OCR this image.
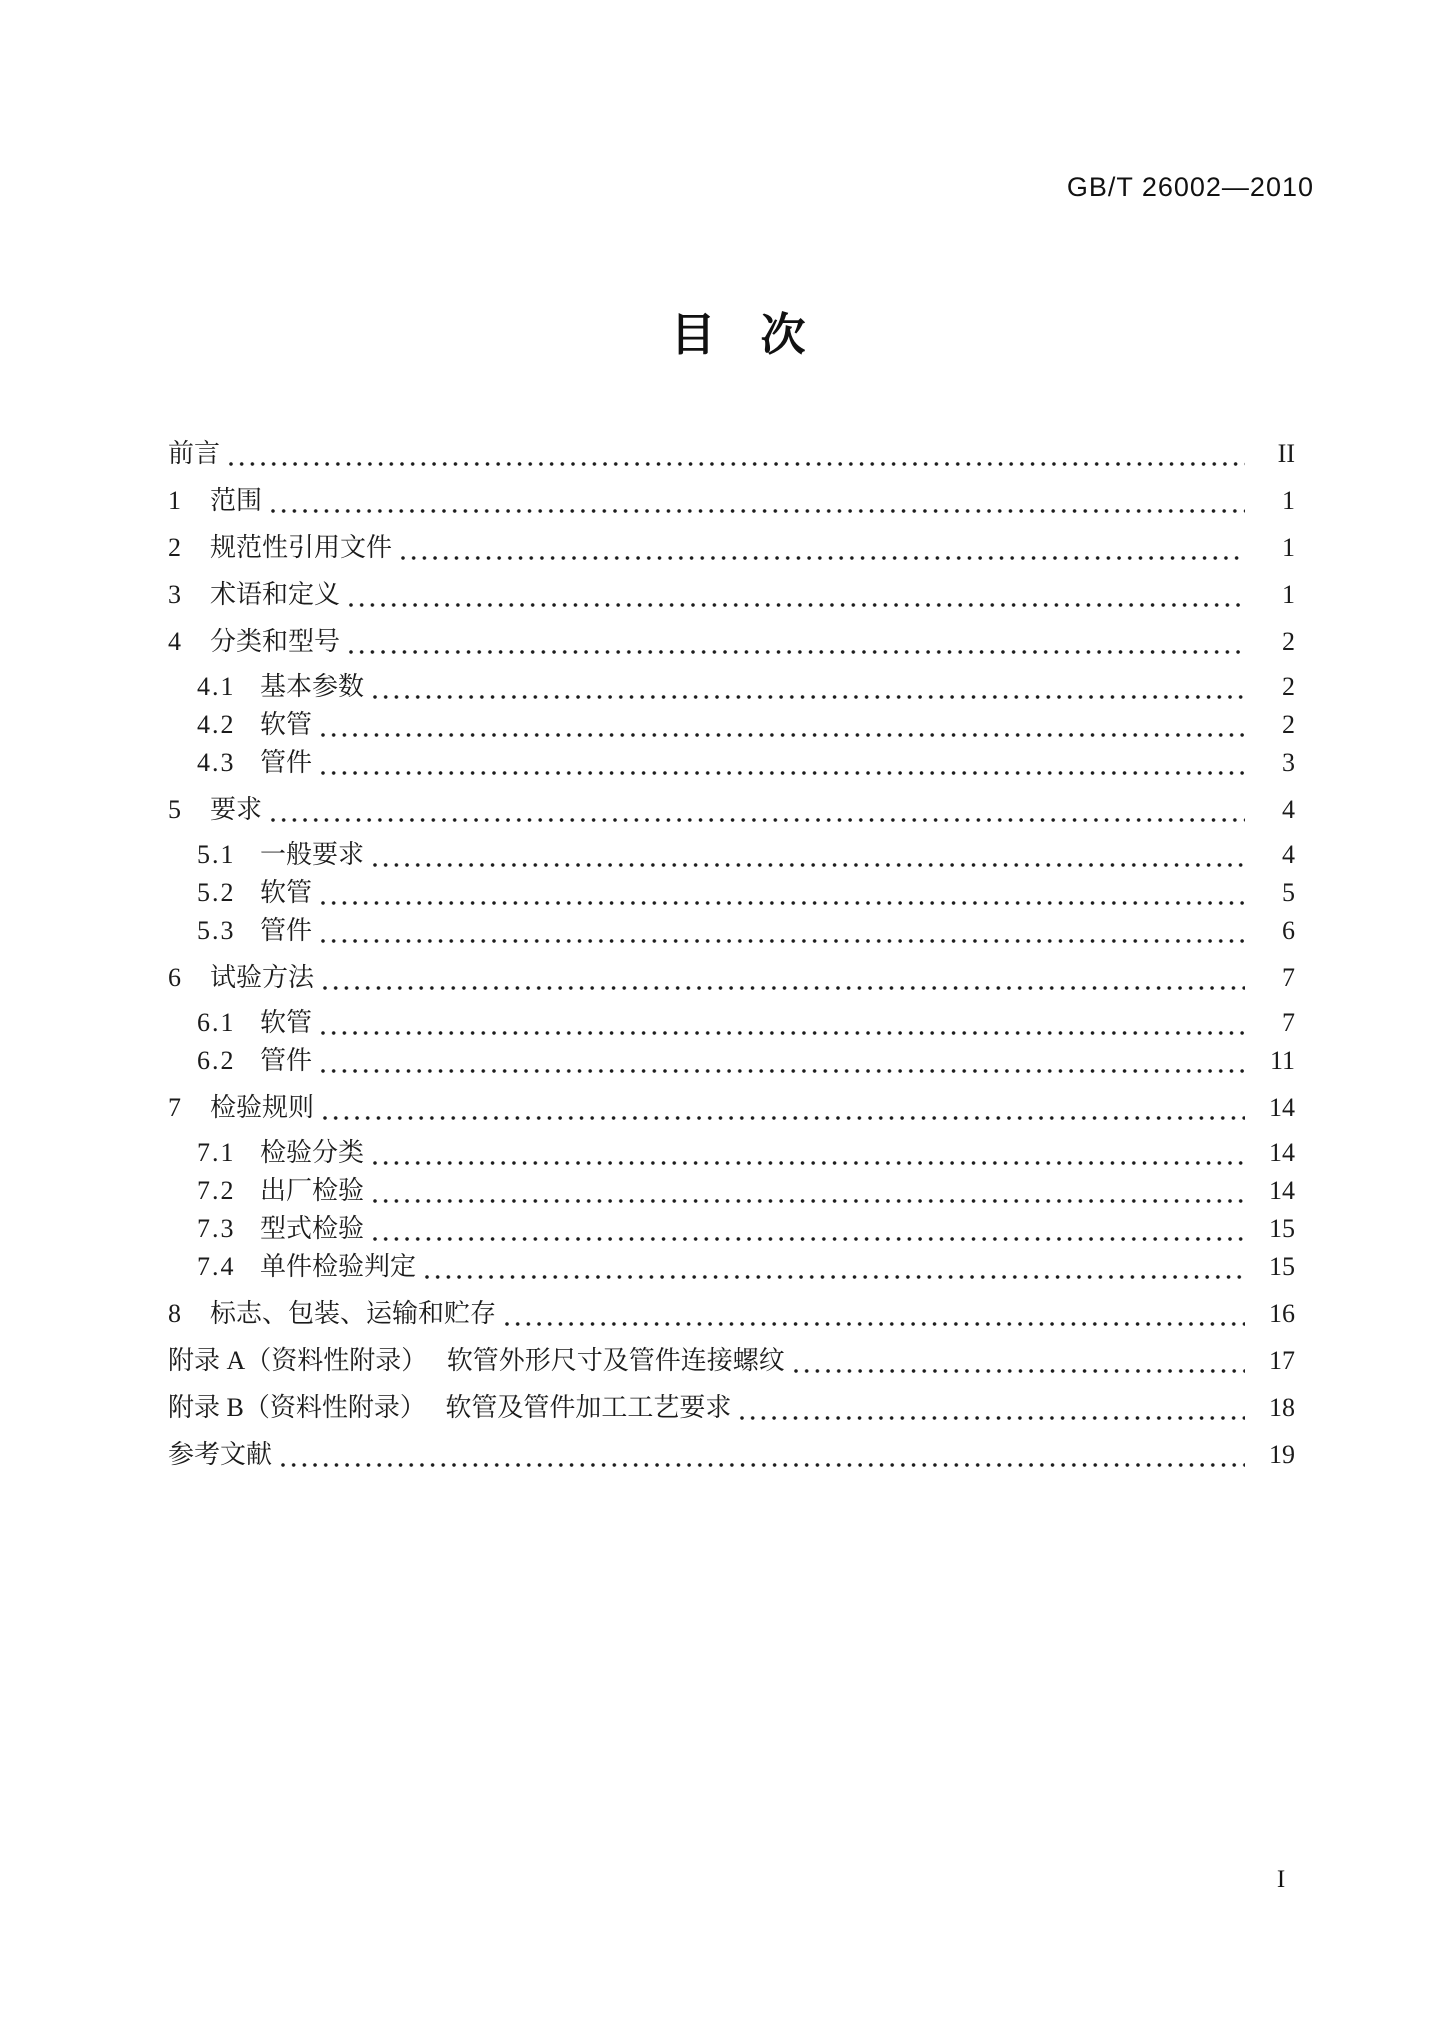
GB/T 26002—2010
目　次
前言	II
1	范围	1
2	规范性引用文件	1
3	术语和定义	1
4	分类和型号	2
4.1 基本参数	2
4.2 软管	2
4.3 管件	3
5	要求	4
5.1 一般要求	4
5.2 软管	5
5.3 管件	6
6	试验方法	7
6.1 软管	7
6.2 管件	11
7	检验规则	14
7.1 检验分类	14
7.2 出厂检验	14
7.3 型式检验	15
7.4 单件检验判定	15
8	标志、包装、运输和贮存	16
附录 A（资料性附录）　 软管外形尺寸及管件连接螺纹	17
附录 B（资料性附录）　 软管及管件加工工艺要求	18
参考文献	19
I
